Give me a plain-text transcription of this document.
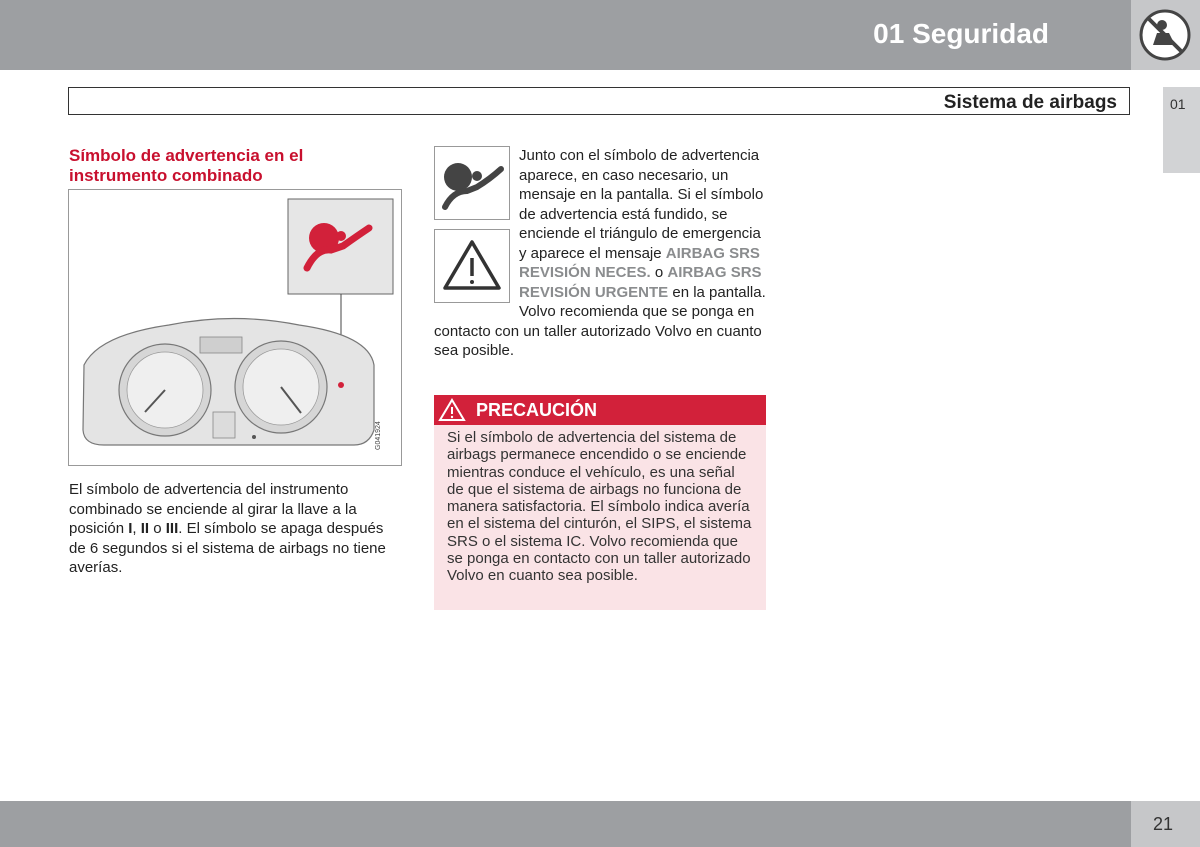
01 Seguridad
01
Sistema de airbags
Símbolo de advertencia en el instrumento combinado
G041924
El símbolo de advertencia del instrumento combinado se enciende al girar la llave a la posición I, II o III. El símbolo se apaga después de 6 segundos si el sistema de airbags no tiene averías.
Junto con el símbolo de advertencia aparece, en caso necesario, un mensaje en la pantalla. Si el símbolo de advertencia está fundido, se enciende el triángulo de emergencia y aparece el mensaje AIRBAG SRS REVISIÓN NECES. o AIRBAG SRS REVISIÓN URGENTE en la pantalla. Volvo recomienda que se ponga en contacto con un taller autorizado Volvo en cuanto sea posible.
PRECAUCIÓN
Si el símbolo de advertencia del sistema de airbags permanece encendido o se enciende mientras conduce el vehículo, es una señal de que el sistema de airbags no funciona de manera satisfactoria. El símbolo indica avería en el sistema del cinturón, el SIPS, el sistema SRS o el sistema IC. Volvo recomienda que se ponga en contacto con un taller autorizado Volvo en cuanto sea posible.
21
